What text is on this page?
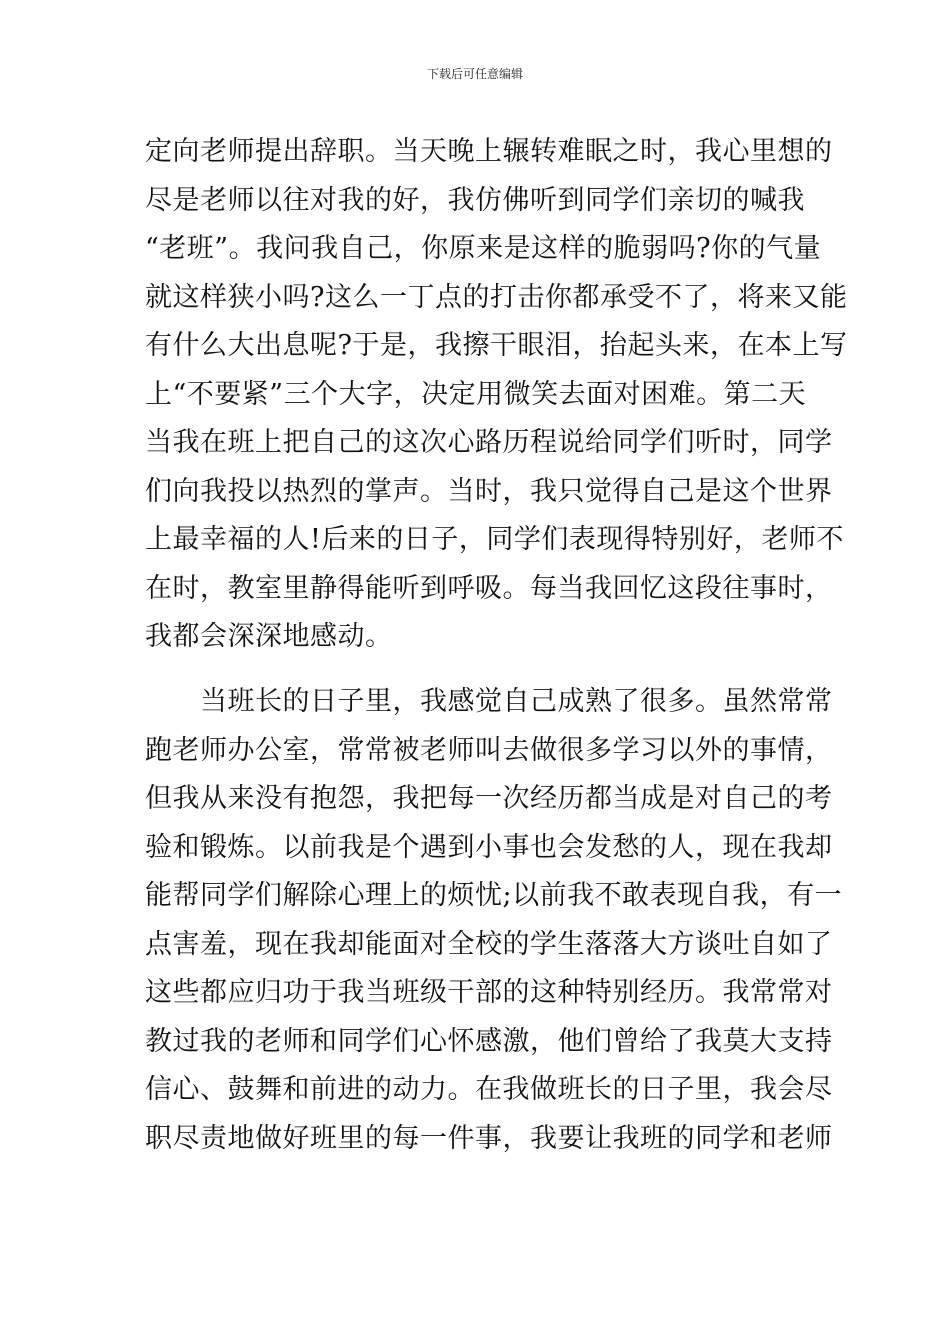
下载后可任意编辑
定向老师提出辞职。当天晚上辗转难眠之时，我心里想的
尽是老师以往对我的好，我仿佛听到同学们亲切的喊我
“老班”。我问我自己，你原来是这样的脆弱吗?你的气量
就这样狭小吗?这么一丁点的打击你都承受不了，将来又能
有什么大出息呢?于是，我擦干眼泪，抬起头来，在本上写
上“不要紧”三个大字，决定用微笑去面对困难。第二天
当我在班上把自己的这次心路历程说给同学们听时，同学
们向我投以热烈的掌声。当时，我只觉得自己是这个世界
上最幸福的人!后来的日子，同学们表现得特别好，老师不
在时，教室里静得能听到呼吸。每当我回忆这段往事时，
我都会深深地感动。
　　当班长的日子里，我感觉自己成熟了很多。虽然常常
跑老师办公室，常常被老师叫去做很多学习以外的事情，
但我从来没有抱怨，我把每一次经历都当成是对自己的考
验和锻炼。以前我是个遇到小事也会发愁的人，现在我却
能帮同学们解除心理上的烦忧;以前我不敢表现自我，有一
点害羞，现在我却能面对全校的学生落落大方谈吐自如了
这些都应归功于我当班级干部的这种特别经历。我常常对
教过我的老师和同学们心怀感激，他们曾给了我莫大支持
信心、鼓舞和前进的动力。在我做班长的日子里，我会尽
职尽责地做好班里的每一件事，我要让我班的同学和老师
